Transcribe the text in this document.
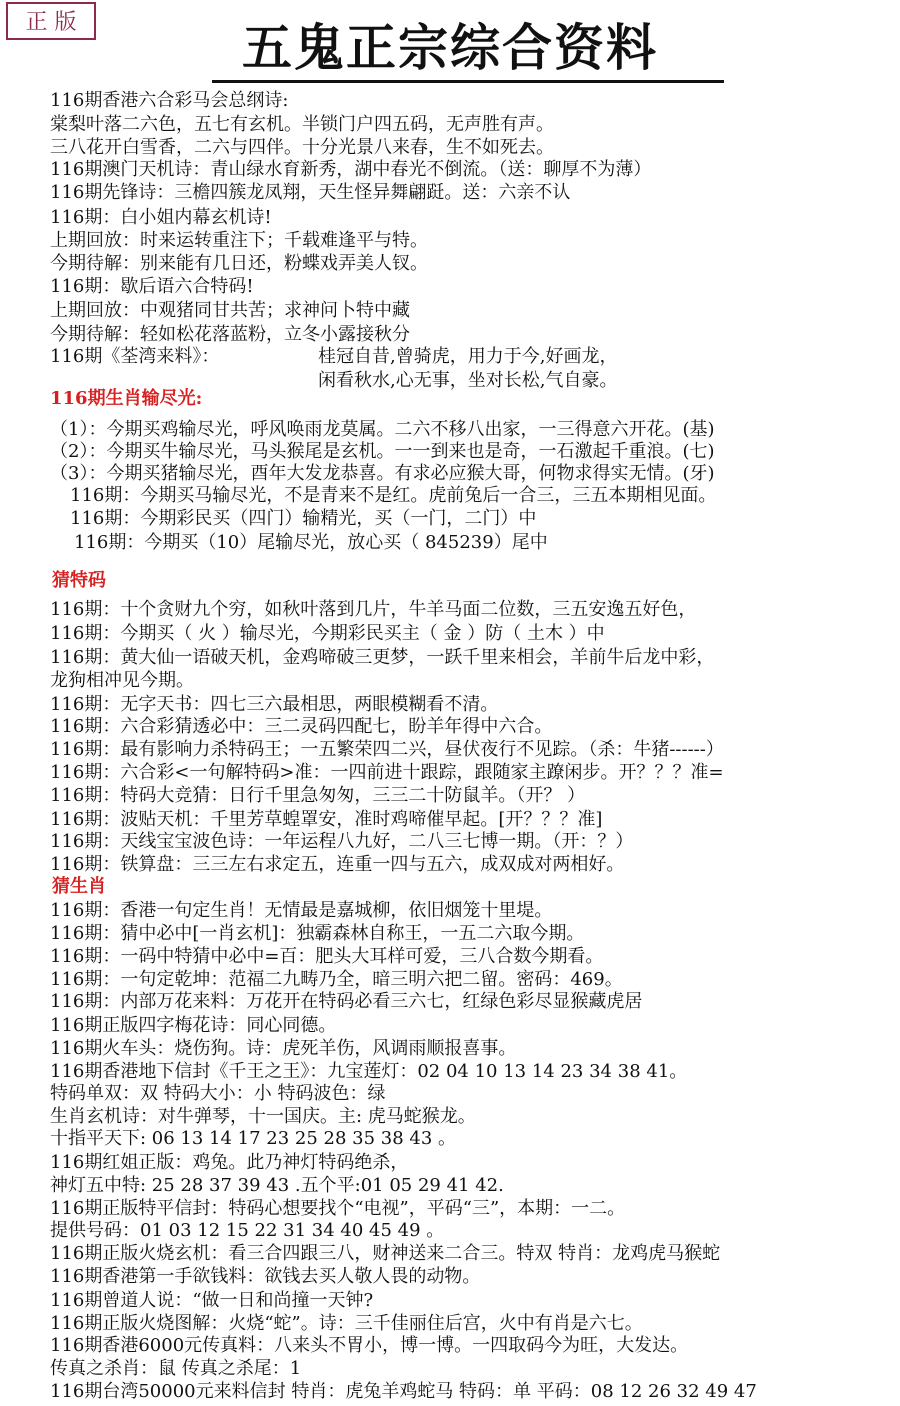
正 版	五鬼正宗综合资料
116期香港六合彩马会总纲诗:
棠梨叶落二六色，五七有玄机。半锁门户四五码，无声胜有声。
三八花开白雪香，二六与四伴。十分光景八来春，生不如死去。
116期澳门天机诗：青山绿水育新秀，湖中春光不倒流。（送：聊厚不为薄）
116期先锋诗：三檐四簇龙凤翔，天生怪异舞翩跹。送：六亲不认
116期：白小姐内幕玄机诗!
上期回放：时来运转重注下；千载难逢平与特。
今期待解：别来能有几日还，粉蝶戏弄美人钗。
116期：歇后语六合特码!
上期回放：中观猪同甘共苦；求神问卜特中藏
今期待解：轻如松花落蓝粉，立冬小露接秋分
116期《荃湾来料》：	桂冠自昔,曾骑虎，用力于今,好画龙，
闲看秋水,心无事，坐对长松,气自豪。
116期生肖输尽光:
（1）：今期买鸡输尽光，呼风唤雨龙莫属。二六不移八出家，一三得意六开花。(基)
（2）：今期买牛输尽光，马头猴尾是玄机。一一到来也是奇，一石激起千重浪。(七)
（3）：今期买猪输尽光，酉年大发龙恭喜。有求必应猴大哥，何物求得实无情。(牙)
116期：今期买马输尽光，不是青来不是红。虎前兔后一合三，三五本期相见面。
116期：今期彩民买（四门）输精光，买（一门，二门）中
116期：今期买（10）尾输尽光，放心买（ 845239）尾中
猜特码
116期：十个贪财九个穷，如秋叶落到几片，牛羊马面二位数，三五安逸五好色，
116期：今期买（ 火 ）输尽光，今期彩民买主（ 金 ）防（ 土木 ）中
116期：黄大仙一语破天机，金鸡啼破三更梦，一跃千里来相会，羊前牛后龙中彩，
龙狗相冲见今期。
116期：无字天书：四七三六最相思，两眼模糊看不清。
116期：六合彩猜透必中：三二灵码四配七，盼羊年得中六合。
116期：最有影响力杀特码王；一五繁荣四二兴，昼伏夜行不见踪。（杀：牛猪------）
116期：六合彩<一句解特码>准：一四前进十跟踪，跟随家主蹽闲步。开？？？准=
116期：特码大竞猜：日行千里急匆匆，三三二十防鼠羊。（开？ ）
116期：波贴天机：千里芳草蝗罩安，准时鸡啼催早起。[开？？？准]
116期：天线宝宝波色诗：一年运程八九好，二八三七博一期。（开：？）
116期：铁算盘：三三左右求定五，连重一四与五六，成双成对两相好。
猜生肖
116期：香港一句定生肖！无情最是嘉城柳，依旧烟笼十里堤。
116期：猜中必中[一肖玄机]：独霸森林自称王，一五二六取今期。
116期：一码中特猜中必中=百：肥头大耳样可爱，三八合数今期看。
116期：一句定乾坤：范福二九畴乃全，暗三明六把二留。密码：469。
116期：内部万花来料：万花开在特码必看三六七，红绿色彩尽显猴藏虎居
116期正版四字梅花诗：同心同德。
116期火车头：烧伤狗。诗：虎死羊伤，风调雨顺报喜事。
116期香港地下信封《千王之王》：九宝莲灯：02 04 10 13 14 23 34 38 41。
特码单双：双 特码大小：小 特码波色：绿
生肖玄机诗：对牛弹琴，十一国庆。主: 虎马蛇猴龙。
十指平天下: 06 13 14 17 23 25 28 35 38 43 。
116期红姐正版：鸡兔。此乃神灯特码绝杀，
神灯五中特: 25 28 37 39 43 .五个平:01 05 29 41 42.
116期正版特平信封：特码心想要找个“电视”，平码“三”，本期：一二。
提供号码：01 03 12 15 22 31 34 40 45 49 。
116期正版火烧玄机：看三合四跟三八，财神送来二合三。特双 特肖：龙鸡虎马猴蛇
116期香港第一手欲钱料：欲钱去买人敬人畏的动物。
116期曾道人说：“做一日和尚撞一天钟?
116期正版火烧图解：火烧“蛇”。诗：三千佳丽住后宫，火中有肖是六七。
116期香港6000元传真料：八来头不胃小，博一博。一四取码今为旺，大发达。
传真之杀肖：鼠 传真之杀尾：1
116期台湾50000元来料信封 特肖：虎兔羊鸡蛇马 特码：单 平码：08 12 26 32 49 47
